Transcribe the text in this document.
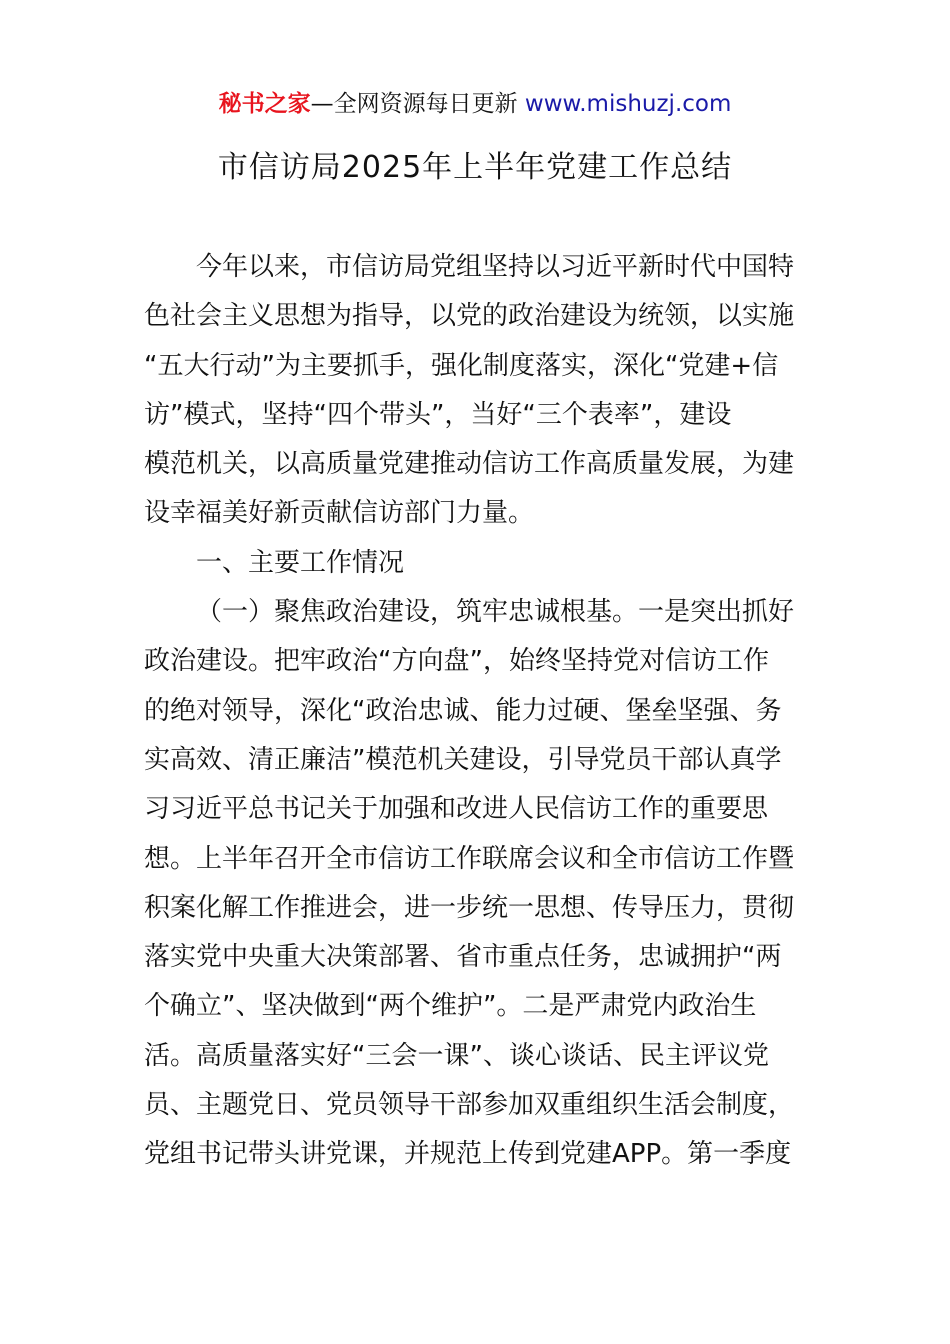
秘书之家—全网资源每日更新 www.mishuzj.com
市信访局2025年上半年党建工作总结
今年以来，市信访局党组坚持以习近平新时代中国特
色社会主义思想为指导，以党的政治建设为统领，以实施
“五大行动”为主要抓手，强化制度落实，深化“党建+信
访”模式，坚持“四个带头”，当好“三个表率”，建设
模范机关，以高质量党建推动信访工作高质量发展，为建
设幸福美好新贡献信访部门力量。
一、主要工作情况
（一）聚焦政治建设，筑牢忠诚根基。一是突出抓好
政治建设。把牢政治“方向盘”，始终坚持党对信访工作
的绝对领导，深化“政治忠诚、能力过硬、堡垒坚强、务
实高效、清正廉洁”模范机关建设，引导党员干部认真学
习习近平总书记关于加强和改进人民信访工作的重要思
想。上半年召开全市信访工作联席会议和全市信访工作暨
积案化解工作推进会，进一步统一思想、传导压力，贯彻
落实党中央重大决策部署、省市重点任务，忠诚拥护“两
个确立”、坚决做到“两个维护”。二是严肃党内政治生
活。高质量落实好“三会一课”、谈心谈话、民主评议党
员、主题党日、党员领导干部参加双重组织生活会制度，
党组书记带头讲党课，并规范上传到党建APP。第一季度
